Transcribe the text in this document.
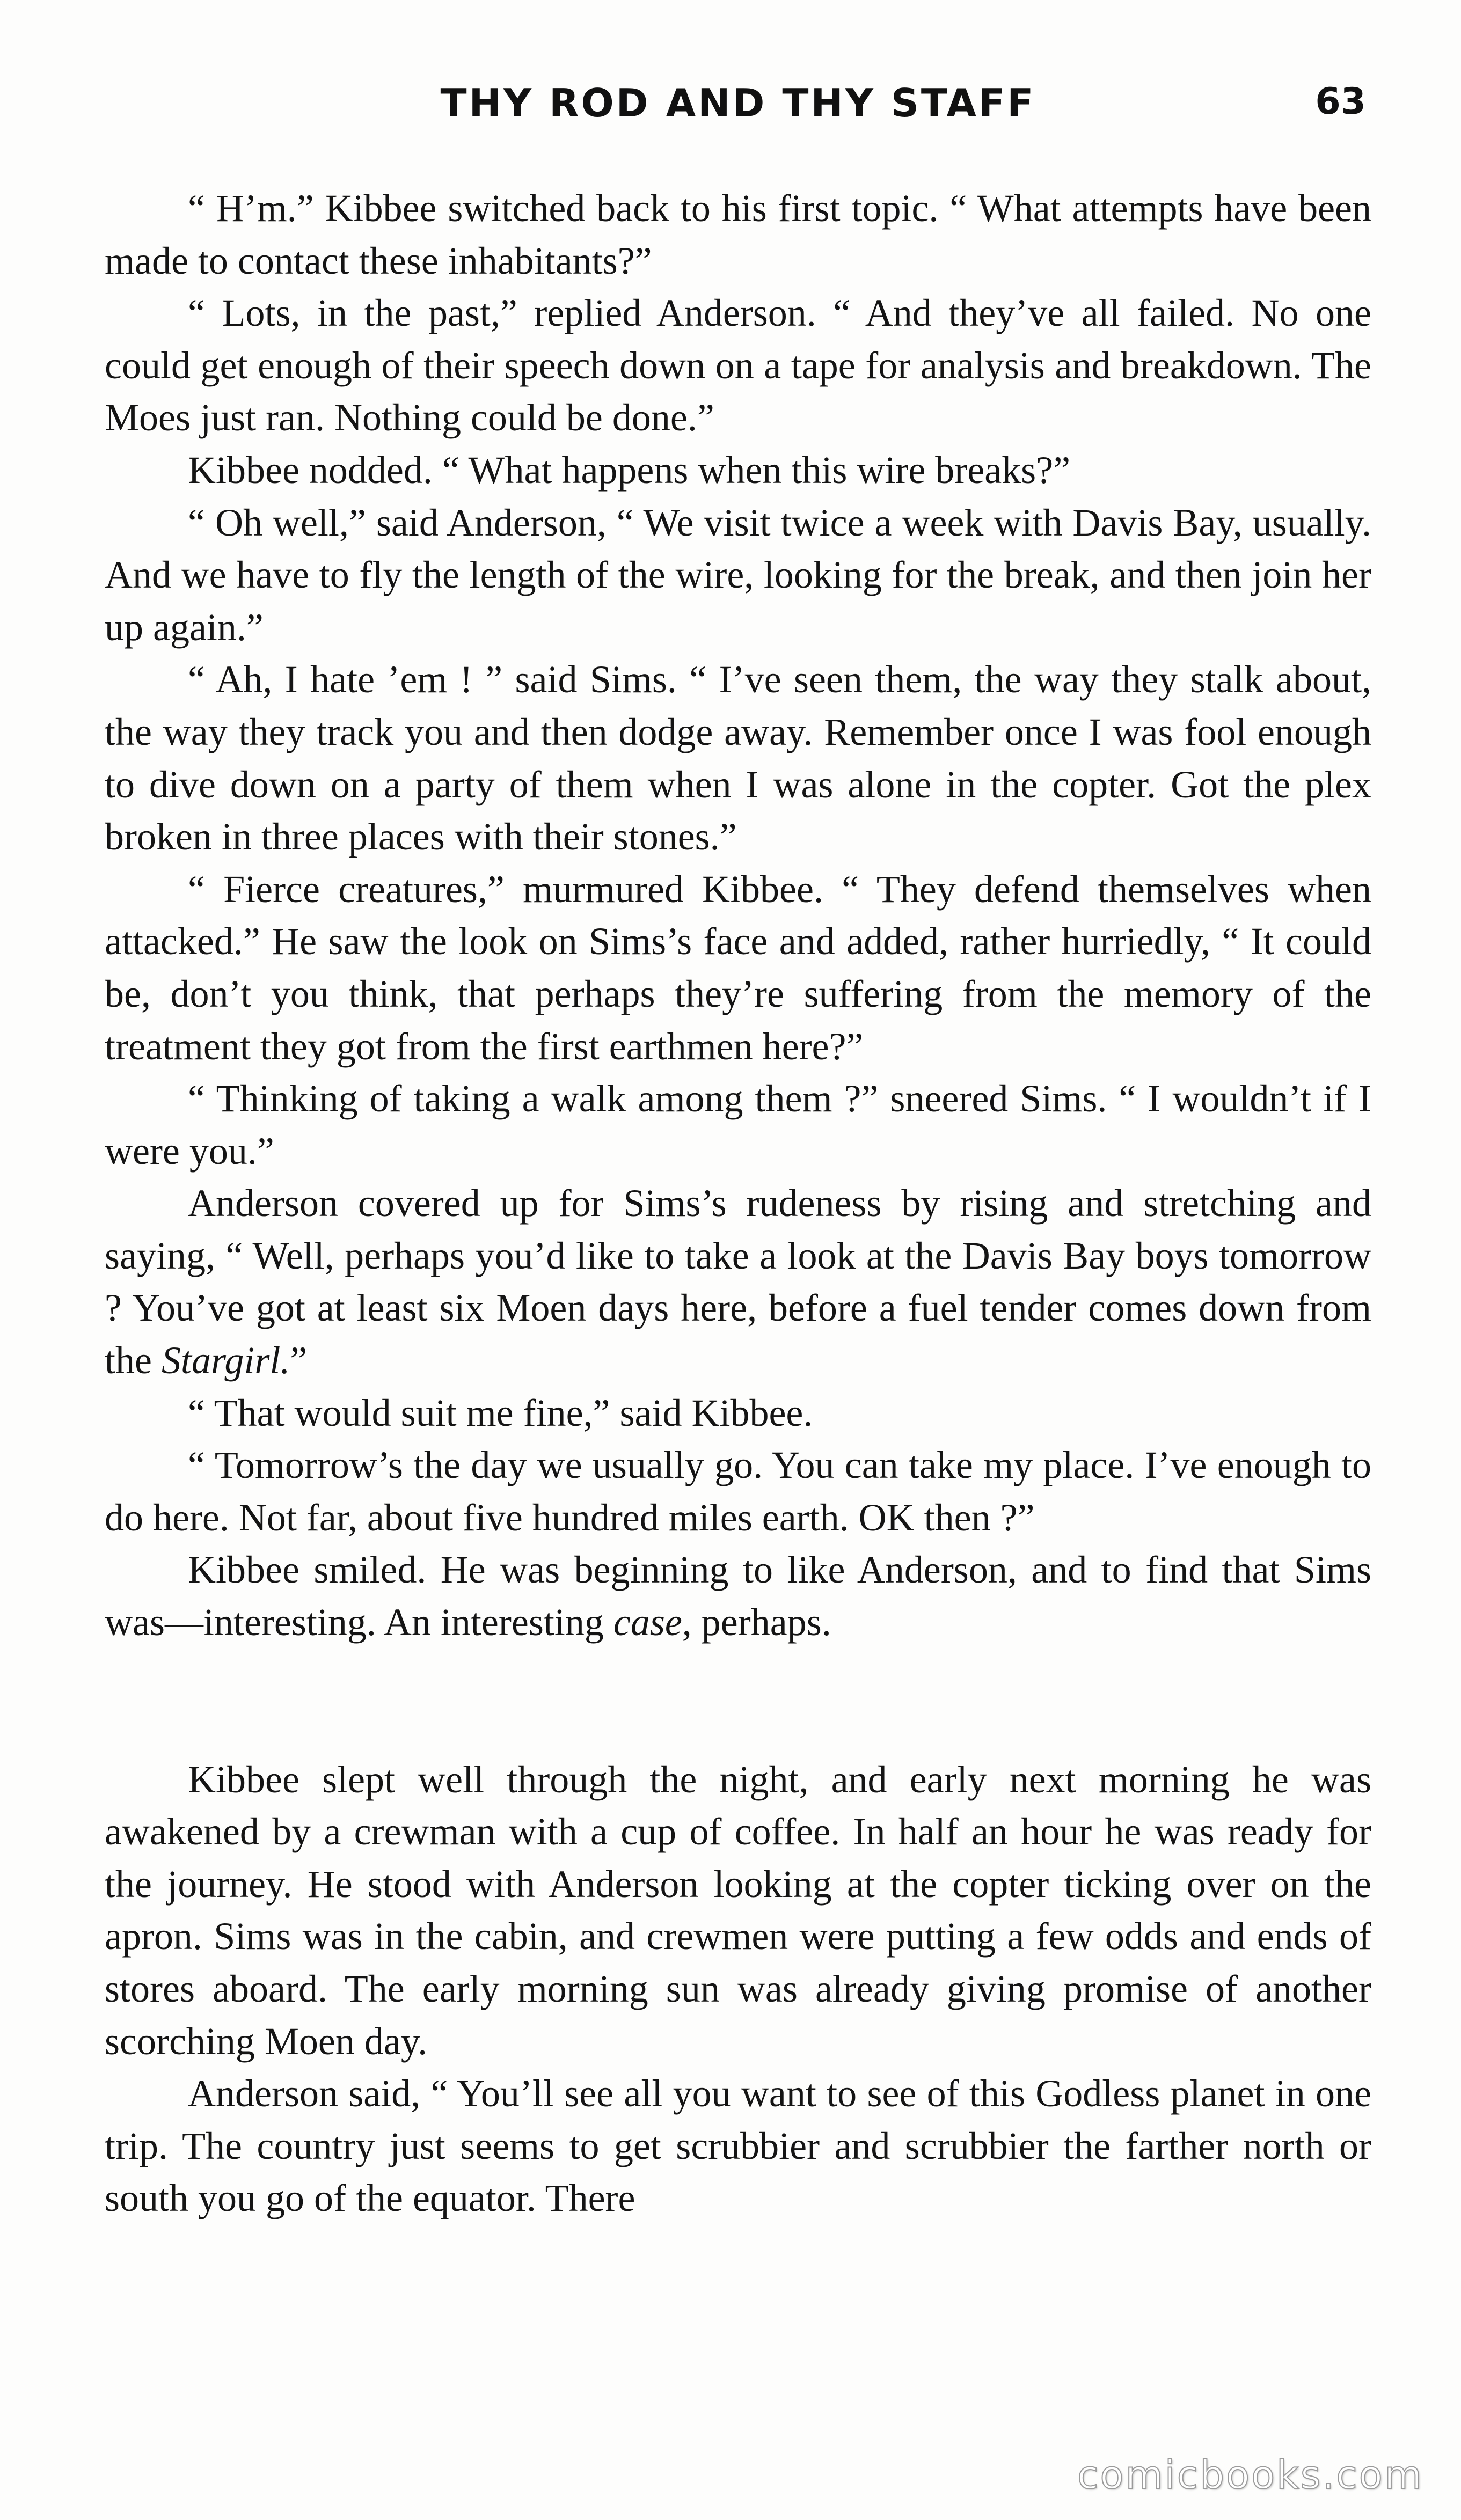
THY ROD AND THY STAFF	63

“ H’m.” Kibbee switched back to his first topic. “ What attempts have been made to contact these inhabitants?”

“ Lots, in the past,” replied Anderson. “ And they’ve all failed. No one could get enough of their speech down on a tape for analysis and breakdown. The Moes just ran. Nothing could be done.”

Kibbee nodded. “ What happens when this wire breaks?”

“ Oh well,” said Anderson, “ We visit twice a week with Davis Bay, usually. And we have to fly the length of the wire, looking for the break, and then join her up again.”

“ Ah, I hate ’em ! ” said Sims. “ I’ve seen them, the way they stalk about, the way they track you and then dodge away. Remember once I was fool enough to dive down on a party of them when I was alone in the copter. Got the plex broken in three places with their stones.”

“ Fierce creatures,” murmured Kibbee. “ They defend themselves when attacked.” He saw the look on Sims’s face and added, rather hurriedly, “ It could be, don’t you think, that perhaps they’re suffering from the memory of the treatment they got from the first earthmen here?”

“ Thinking of taking a walk among them ?” sneered Sims. “ I wouldn’t if I were you.”

Anderson covered up for Sims’s rudeness by rising and stretching and saying, “ Well, perhaps you’d like to take a look at the Davis Bay boys tomorrow ? You’ve got at least six Moen days here, before a fuel tender comes down from the Stargirl.”

“ That would suit me fine,” said Kibbee.

“ Tomorrow’s the day we usually go. You can take my place. I’ve enough to do here. Not far, about five hundred miles earth. OK then ?”

Kibbee smiled. He was beginning to like Anderson, and to find that Sims was—interesting. An interesting case, perhaps.

Kibbee slept well through the night, and early next morning he was awakened by a crewman with a cup of coffee. In half an hour he was ready for the journey. He stood with Anderson looking at the copter ticking over on the apron. Sims was in the cabin, and crewmen were putting a few odds and ends of stores aboard. The early morning sun was already giving promise of another scorching Moen day.

Anderson said, “ You’ll see all you want to see of this Godless planet in one trip. The country just seems to get scrubbier and scrubbier the farther north or south you go of the equator. There

comicbooks.com
